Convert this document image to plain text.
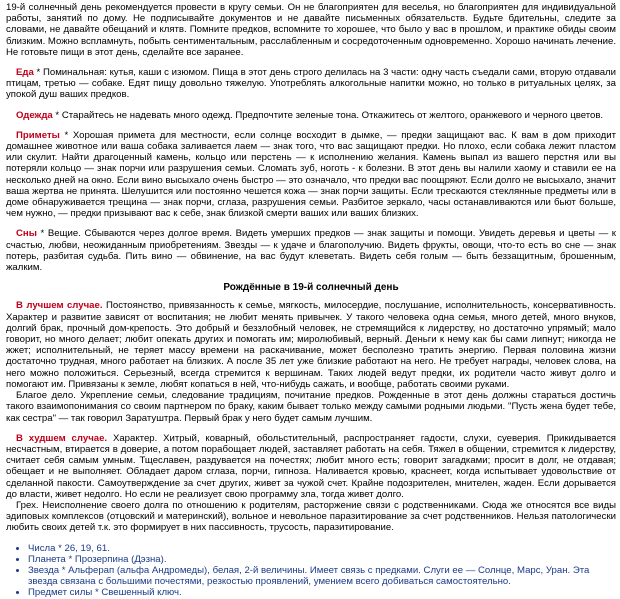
19-й солнечный день рекомендуется провести в кругу семьи. Он не благоприятен для веселья, но благоприятен для индивидуальной работы, занятий по дому. Не подписывайте документов и не давайте письменных обязательств. Будьте бдительны, следите за словами, не давайте обещаний и клятв. Помните предков, вспомните то хорошее, что было у вас в прошлом, и практике обиды своим близким. Можно вспламнуть, побыть сентиментальным, расслабленным и сосредоточенным одновременно. Хорошо начинать лечение. Не готовьте пищи в этот день, сделайте все заранее.

Еда * Поминальная: кутья, каши с изюмом. Пища в этот день строго делилась на 3 части: одну часть съедали сами, вторую отдавали птицам, третью — собаке. Едят пищу довольно тяжелую. Употреблять алкогольные напитки можно, но только в ритуальных целях, за упокой душ ваших предков.

Одежда * Старайтесь не надевать много одежд. Предпочтите зеленые тона. Откажитесь от желтого, оранжевого и черного цветов.

Приметы * Хорошая примета для местности, если солнце восходит в дымке, — предки защищают вас. К вам в дом приходит домашнее животное или ваша собака заливается лаем — знак того, что вас защищают предки. Но плохо, если собака лежит пластом или скулит. Найти драгоценный камень, кольцо или перстень — к исполнению желания. Камень выпал из вашего перстня или вы потеряли кольцо — знак порчи или разрушения семьи. Сломать зуб, ноготь - к болезни. В этот день вы налили хаому и ставили ее на несколько дней на окно. Если вино высыхало очень быстро — это означало, что предки вас поощряют. Если долго не высыхало, значит ваша жертва не принята. Шелушится или постоянно чешется кожа — знак порчи защиты. Если трескаются стеклянные предметы или в доме обнаруживается трещина — знак порчи, сглаза, разрушения семьи. Разбитое зеркало, часы останавливаются или бьют больше, чем нужно, — предки призывают вас к себе, знак близкой смерти ваших или ваших близких.

Сны * Вещие. Сбываются через долгое время. Видеть умерших предков — знак защиты и помощи. Увидеть деревья и цветы — к счастью, любви, неожиданным приобретениям. Звезды — к удаче и благополучию. Видеть фрукты, овощи, что-то есть во сне — знак потерь, разбитая судьба. Пить вино — обвинение, на вас будут клеветать. Видеть себя голым — быть беззащитным, брошенным, жалким.

Рождённые в 19-й солнечный день

В лучшем случае. Постоянство, привязанность к семье, мягкость, милосердие, послушание, исполнительность, консервативность. Характер и развитие зависят от воспитания; не любит менять привычек. У такого человека одна семья, много детей, много внуков, долгий брак, прочный дом-крепость. Это добрый и беззлобный человек, не стремящийся к лидерству, но достаточно упрямый; мало говорит, но много делает; любит опекать других и помогать им; миролюбивый, верный. Деньги к нему как бы сами липнут; никогда не жжет; исполнительный, не теряет массу времени на раскачивание, может бесполезно тратить энергию. Первая половина жизни достаточно трудная, много работает на близких. А после 35 лет уже близкие работают на него. Не требует награды, человек слова, на него можно положиться. Серьезный, всегда стремится к вершинам. Таких людей ведут предки, их родители часто живут долго и помогают им. Привязаны к земле, любят копаться в ней, что-нибудь сажать, и вообще, работать своими руками.

Благое дело. Укрепление семьи, следование традициям, почитание предков. Рожденные в этот день должны стараться достичь такого взаимопонимания со своим партнером по браку, каким бывает только между самыми родными людьми. "Пусть жена будет тебе, как сестра" — так говорил Заратуштра. Первый брак у него будет самым лучшим.

В худшем случае. Характер. Хитрый, коварный, обольстительный, распространяет гадости, слухи, суеверия. Прикидывается несчастным, втирается в доверие, а потом порабощает людей, заставляет работать на себя. Тяжел в общении, стремится к лидерству, считает себя самым умным. Тщеславен, раздувается на почестях; любит много есть; говорит загадками; просит в долг, не отдавая; обещает и не выполняет. Обладает даром сглаза, порчи, гипноза. Наливается кровью, краснеет, когда испытывает удовольствие от сделанной пакости. Самоутверждение за счет других, живет за чужой счет. Крайне подозрителен, мнителен, жаден. Если дорывается до власти, живет недолго. Но если не реализует свою программу зла, тогда живет долго.

Грех. Неисполнение своего долга по отношению к родителям, расторжение связи с родственниками. Сюда же относятся все виды эдиповых комплексов (отцовский и материнский), вольное и невольное паразитирование за счет родственников. Нельзя патологически любить своих детей т.к. это формирует в них пассивность, трусость, паразитирование.

• Числа * 26, 19, 61.
• Планета * Прозерпина (Дэзна).
• Звезда * Альферап (альфа Андромеды), белая, 2-й величины. Имеет связь с предками. Слуги ее — Солнце, Марс, Уран. Эта звезда связана с большими почестями, резкостью проявлений, умением всего добиваться самостоятельно.
• Предмет силы * Свешенный ключ.
